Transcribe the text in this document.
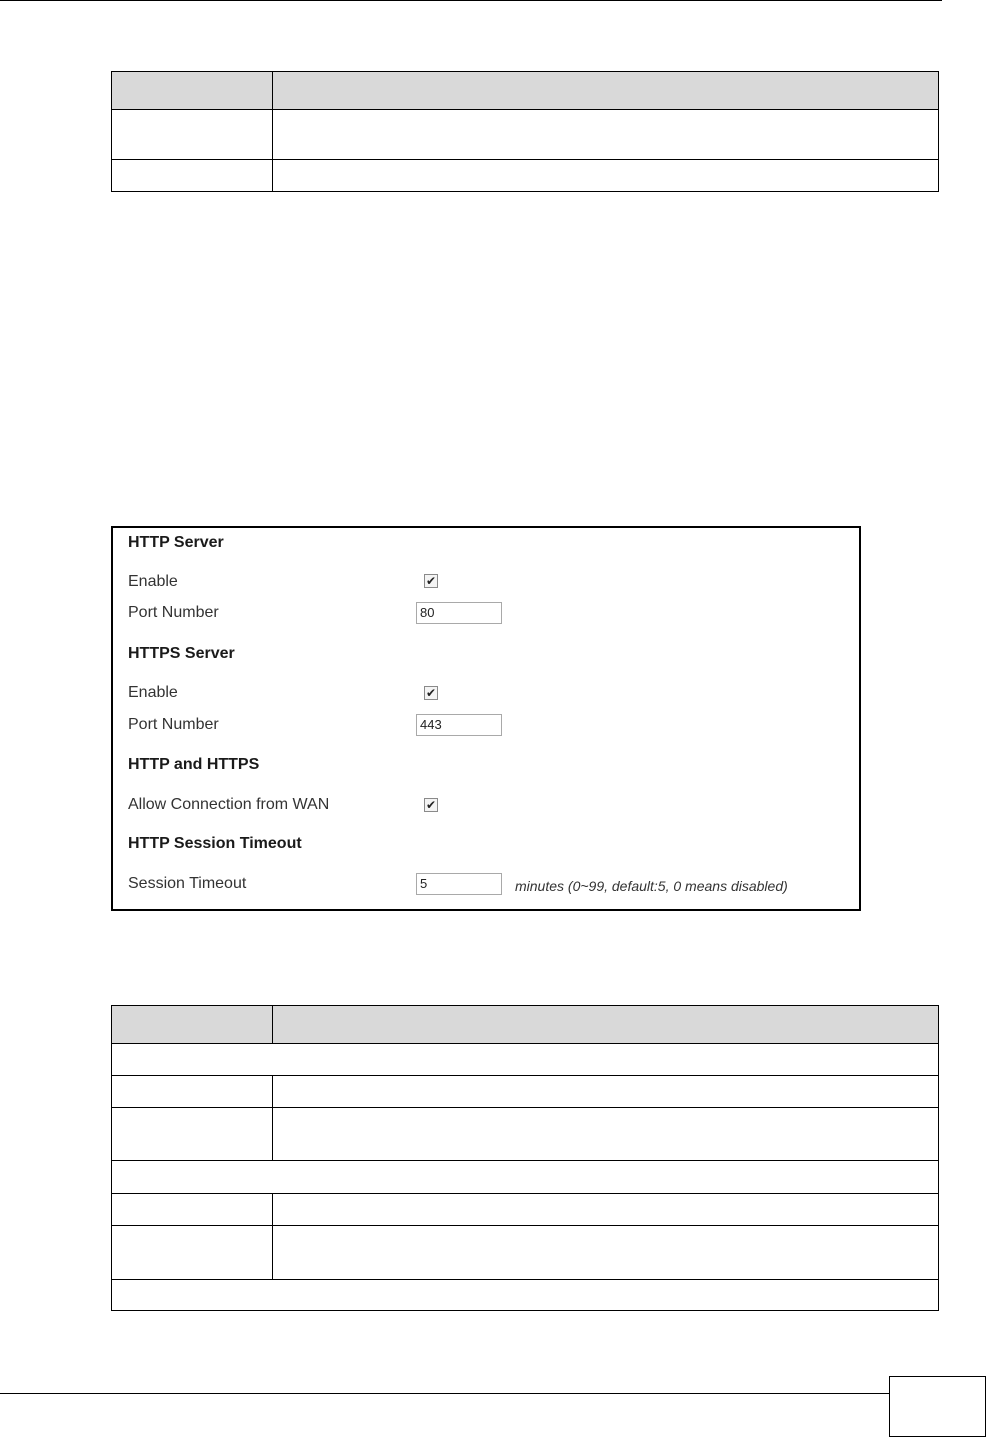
HTTP Server
Enable	✔
Port Number	80
HTTPS Server
Enable	✔
Port Number	443
HTTP and HTTPS
Allow Connection from WAN	✔
HTTP Session Timeout
Session Timeout	5	minutes (0~99, default:5, 0 means disabled)
